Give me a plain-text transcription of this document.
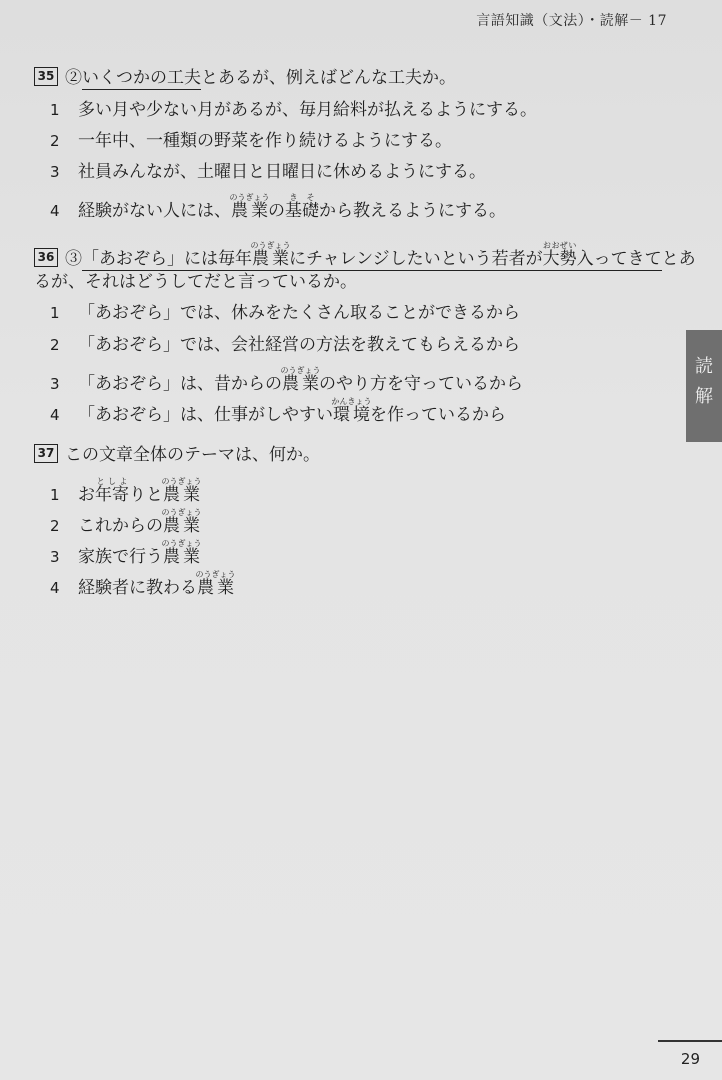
言語知識（文法）・読解－ 17
35 ②いくつかの工夫とあるが、例えばどんな工夫か。
1 多い月や少ない月があるが、毎月給料が払えるようにする。
2 一年中、一種類の野菜を作り続けるようにする。
3 社員みんなが、土曜日と日曜日に休めるようにする。
4 経験がない人には、農業のうぎょうの基礎きそから教えるようにする。
36 ③「あおぞら」には毎年農業のうぎょうにチャレンジしたいという若者が大勢おおぜい入ってきてとあ
るが、それはどうしてだと言っているか。
1 「あおぞら」では、休みをたくさん取ることができるから
2 「あおぞら」では、会社経営の方法を教えてもらえるから
3 「あおぞら」は、昔からの農業のうぎょうのやり方を守っているから
4 「あおぞら」は、仕事がしやすい環境かんきょうを作っているから
37 この文章全体のテーマは、何か。
1 お年寄としよりと農業のうぎょう
2 これからの農業のうぎょう
3 家族で行う農業のうぎょう
4 経験者に教わる農業のうぎょう
読
解
29
